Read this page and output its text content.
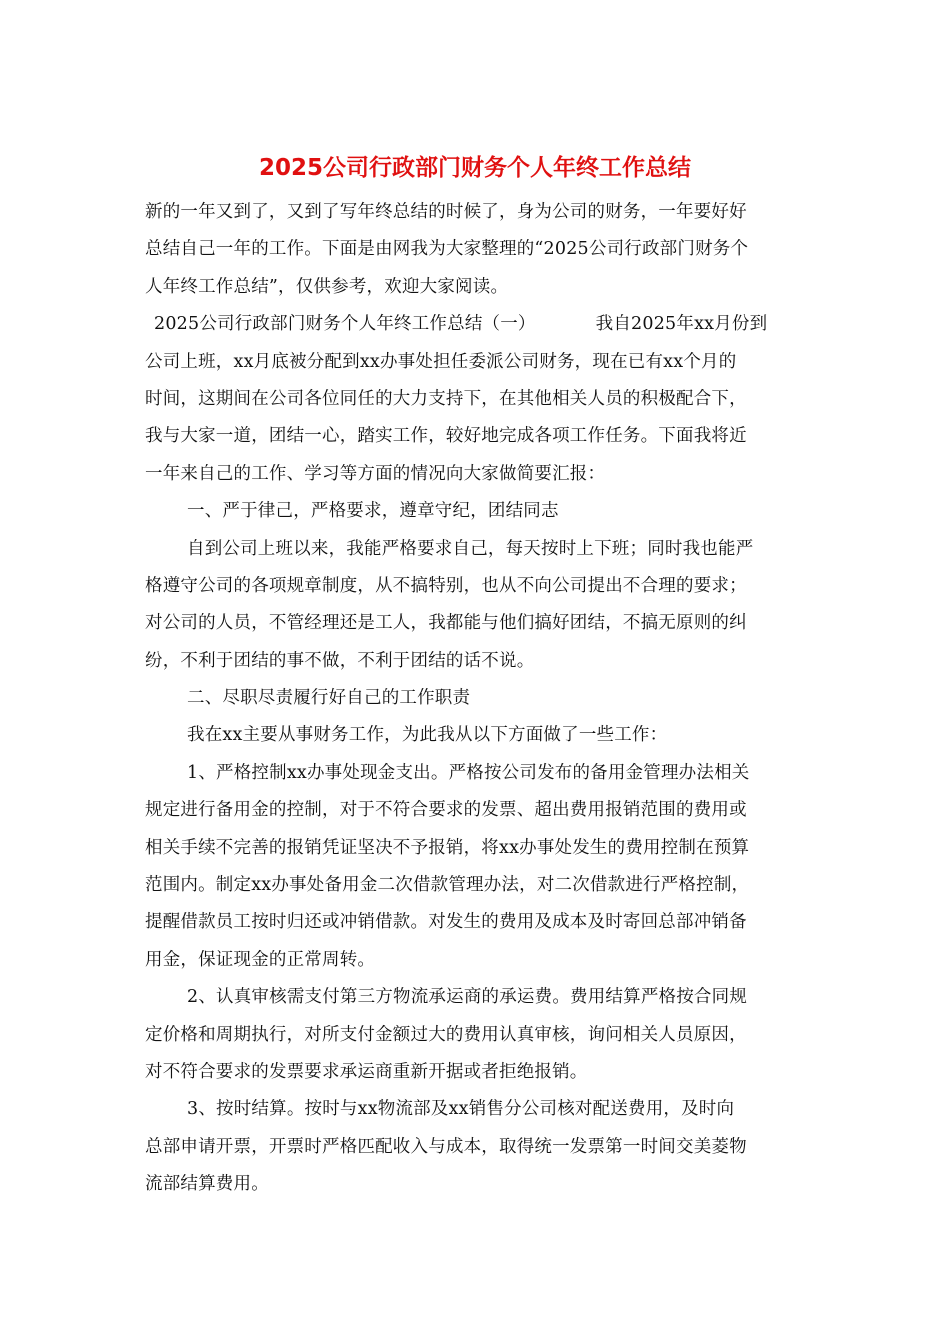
2025公司行政部门财务个人年终工作总结
新的一年又到了，又到了写年终总结的时候了，身为公司的财务，一年要好好
总结自己一年的工作。下面是由网我为大家整理的“2025公司行政部门财务个
人年终工作总结”，仅供参考，欢迎大家阅读。
2025公司行政部门财务个人年终工作总结（一）	我自2025年xx月份到
公司上班，xx月底被分配到xx办事处担任委派公司财务，现在已有xx个月的
时间，这期间在公司各位同任的大力支持下，在其他相关人员的积极配合下，
我与大家一道，团结一心，踏实工作，较好地完成各项工作任务。下面我将近
一年来自己的工作、学习等方面的情况向大家做简要汇报：
一、严于律己，严格要求，遵章守纪，团结同志
自到公司上班以来，我能严格要求自己，每天按时上下班；同时我也能严
格遵守公司的各项规章制度，从不搞特别，也从不向公司提出不合理的要求；
对公司的人员，不管经理还是工人，我都能与他们搞好团结，不搞无原则的纠
纷，不利于团结的事不做，不利于团结的话不说。
二、尽职尽责履行好自己的工作职责
我在xx主要从事财务工作，为此我从以下方面做了一些工作：
1、严格控制xx办事处现金支出。严格按公司发布的备用金管理办法相关
规定进行备用金的控制，对于不符合要求的发票、超出费用报销范围的费用或
相关手续不完善的报销凭证坚决不予报销，将xx办事处发生的费用控制在预算
范围内。制定xx办事处备用金二次借款管理办法，对二次借款进行严格控制，
提醒借款员工按时归还或冲销借款。对发生的费用及成本及时寄回总部冲销备
用金，保证现金的正常周转。
2、认真审核需支付第三方物流承运商的承运费。费用结算严格按合同规
定价格和周期执行，对所支付金额过大的费用认真审核，询问相关人员原因，
对不符合要求的发票要求承运商重新开据或者拒绝报销。
3、按时结算。按时与xx物流部及xx销售分公司核对配送费用，及时向
总部申请开票，开票时严格匹配收入与成本，取得统一发票第一时间交美菱物
流部结算费用。
